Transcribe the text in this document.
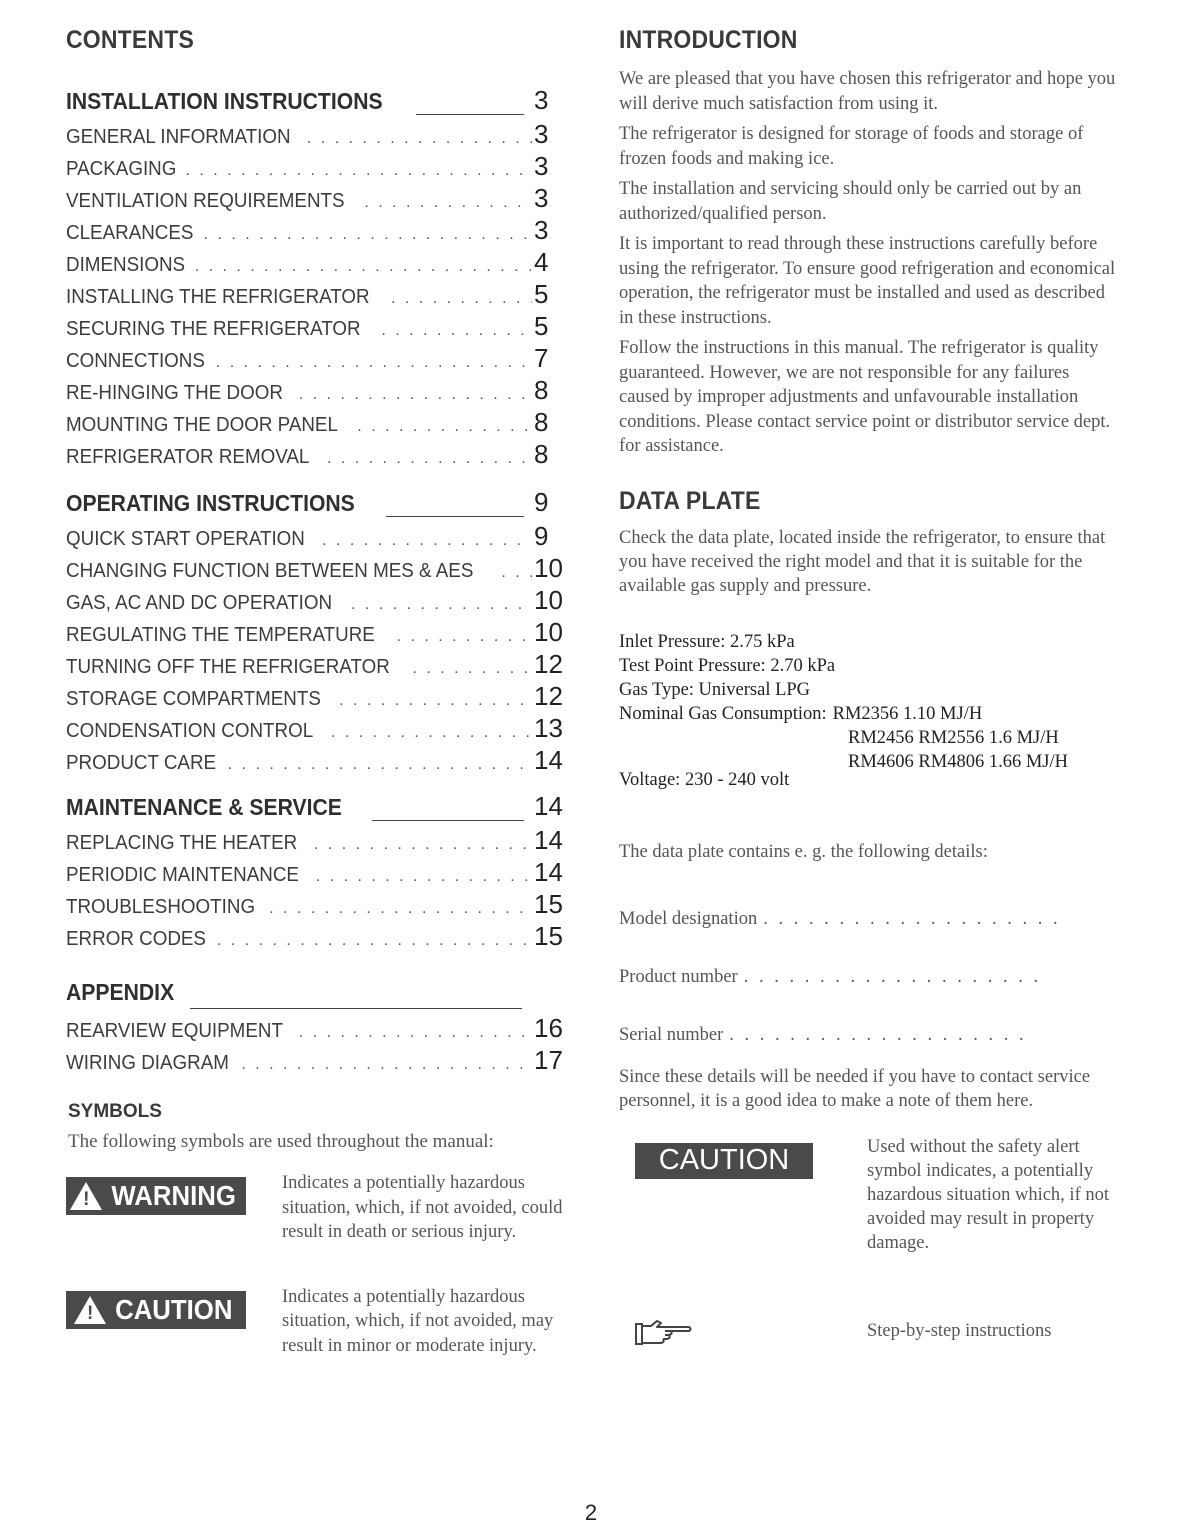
CONTENTS
INSTALLATION INSTRUCTIONS	3
GENERAL INFORMATION . . .	3
PACKAGING . . .	3
VENTILATION REQUIREMENTS . . .	3
CLEARANCES . . .	3
DIMENSIONS . . .	4
INSTALLING THE REFRIGERATOR . . .	5
SECURING THE REFRIGERATOR . . .	5
CONNECTIONS . . .	7
RE-HINGING THE DOOR . . .	8
MOUNTING THE DOOR PANEL . . .	8
REFRIGERATOR REMOVAL . . .	8
OPERATING INSTRUCTIONS	9
QUICK START OPERATION . . .	9
CHANGING FUNCTION BETWEEN MES & AES . . . 10
GAS, AC AND DC OPERATION . . .	10
REGULATING THE TEMPERATURE . . .	10
TURNING OFF THE REFRIGERATOR . . .	12
STORAGE COMPARTMENTS . . .	12
CONDENSATION CONTROL . . .	13
PRODUCT CARE . . .	14
MAINTENANCE & SERVICE	14
REPLACING THE HEATER . . .	14
PERIODIC MAINTENANCE . . .	14
TROUBLESHOOTING . . .	15
ERROR CODES . . .	15
APPENDIX
REARVIEW EQUIPMENT . . .	16
WIRING DIAGRAM . . .	17
SYMBOLS
The following symbols are used throughout the manual:
! WARNING Indicates a potentially hazardous situation, which, if not avoided, could result in death or serious injury.
! CAUTION	Indicates a potentially hazardous situation, which, if not avoided, may result in minor or moderate injury.
INTRODUCTION

We are pleased that you have chosen this refrigerator and hope you will derive much satisfaction from using it.

The refrigerator is designed for storage of foods and storage of frozen foods and making ice.

The installation and servicing should only be carried out by an authorized/qualified person.

It is important to read through these instructions carefully before using the refrigerator. To ensure good refrigeration and economical operation, the refrigerator must be installed and used as described in these instructions.

Follow the instructions in this manual. The refrigerator is quality guaranteed. However, we are not responsible for any failures caused by improper adjustments and unfavourable installation conditions. Please contact service point or distributor service dept. for assistance.

DATA PLATE
Check the data plate, located inside the refrigerator, to ensure that you have received the right model and that it is suitable for the available gas supply and pressure.
Inlet Pressure: 2.75 kPa
Test Point Pressure: 2.70 kPa
Gas Type: Universal LPG
Nominal Gas Consumption: RM2356 1.10 MJ/H
RM2456 RM2556 1.6 MJ/H
RM4606 RM4806 1.66 MJ/H
Voltage: 230 - 240 volt
The data plate contains e. g. the following details:
Model designation
. . .
Product number
. . .
Serial number
. . .
Since these details will be needed if you have to contact service personnel, it is a good idea to make a note of them here.
CAUTION	Used without the safety alert symbol indicates, a potentially hazardous situation which, if not avoided may result in property damage.
Step-by-step instructions
2
